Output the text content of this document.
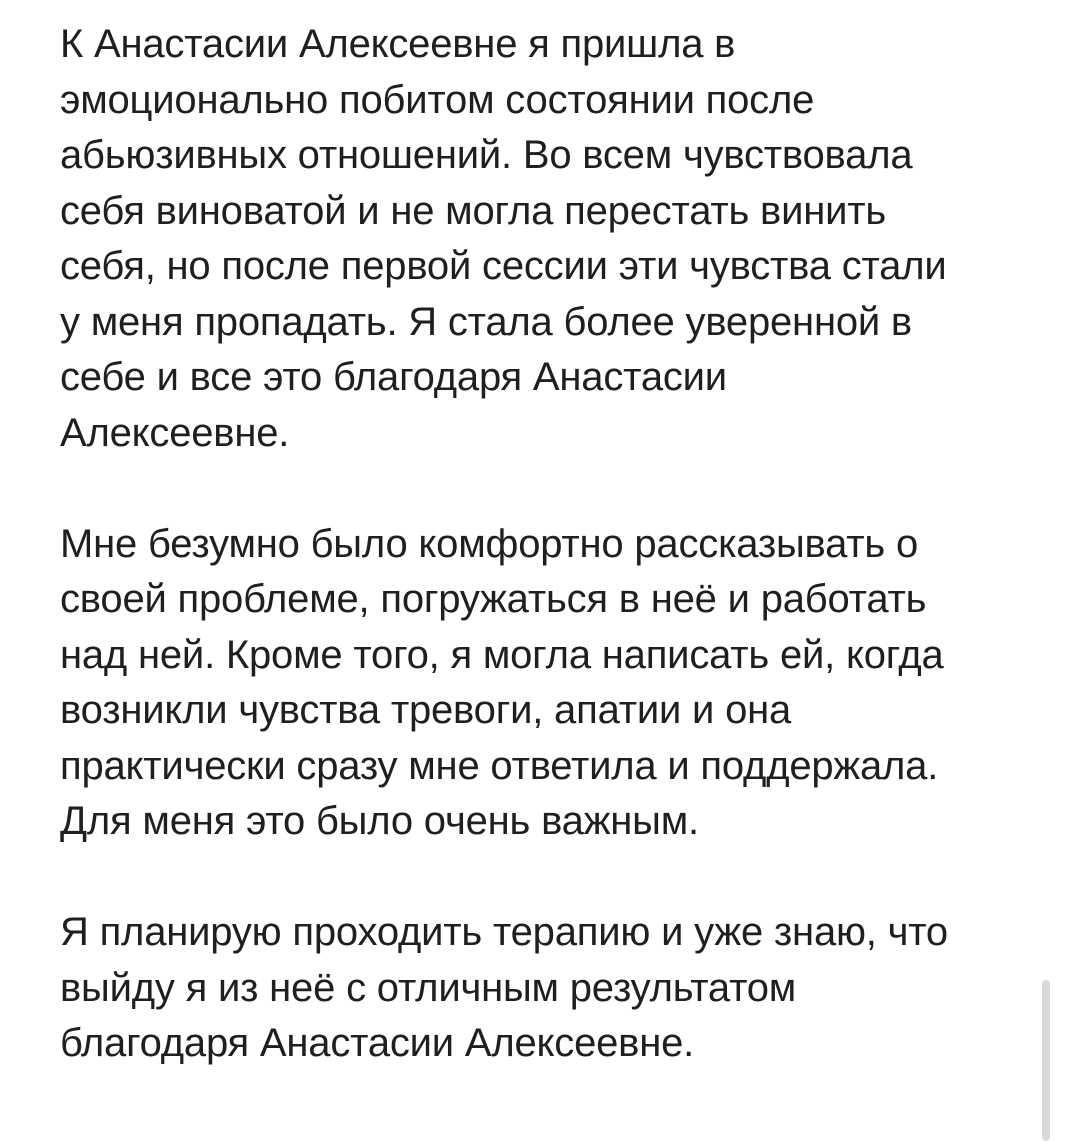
К Анастасии Алексеевне я пришла в
эмоционально побитом состоянии после
абьюзивных отношений. Во всем чувствовала
себя виноватой и не могла перестать винить
себя, но после первой сессии эти чувства стали
у меня пропадать. Я стала более уверенной в
себе и все это благодаря Анастасии
Алексеевне.

Мне безумно было комфортно рассказывать о
своей проблеме, погружаться в неё и работать
над ней. Кроме того, я могла написать ей, когда
возникли чувства тревоги, апатии и она
практически сразу мне ответила и поддержала.
Для меня это было очень важным.

Я планирую проходить терапию и уже знаю, что
выйду я из неё с отличным результатом
благодаря Анастасии Алексеевне.
